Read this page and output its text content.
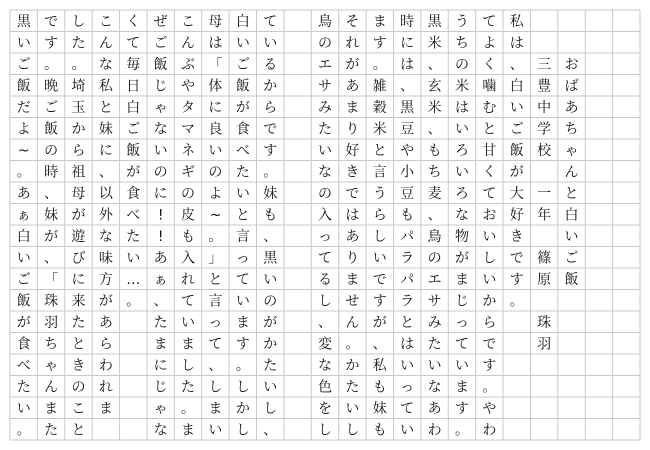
黒
い
ご
飯
だ
よ
~
。
あ
ぁ
白
い
ご
飯
が
食
べ
た
い
。
で
す
。
晩
ご
飯
の
時
、
妹
が
、
「
珠
羽
ち
ゃ
ん
ま
た
し
た
。
埼
玉
か
ら
祖
母
が
遊
び
に
来
た
と
き
の
こ
と
こ
ん
な
私
と
妹
に
、
以
外
な
味
方
が
あ
ら
わ
れ
ま
く
て
毎
日
白
ご
飯
が
食
べ
た
い
…
。
ぜ
ご
飯
じ
ゃ
な
い
の
に
!
!
あ
ぁ
、
た
ま
に
じ
ゃ
な
こ
ん
ぶ
や
タ
マ
ネ
ギ
の
皮
も
入
れ
て
い
ま
し
た
。
ま
母
は
「
体
に
良
い
の
よ
~
。
」
と
言
っ
て
、
し
ま
い
白
い
ご
飯
が
食
べ
た
い
と
言
っ
て
い
ま
す
。
し
か
し
て
い
る
か
ら
で
す
。
妹
も
、
黒
い
の
が
か
た
い
し
、
鳥
の
エ
サ
み
た
い
な
の
入
っ
て
る
し
、
変
な
色
を
し
そ
れ
が
あ
ま
り
好
き
で
は
あ
り
ま
せ
ん
。
か
た
い
し
ま
す
。
雑
穀
米
と
言
う
ら
し
い
で
す
が
、
私
も
妹
も
時
に
は
、
黒
豆
や
小
豆
も
パ
ラ
パ
ラ
と
は
い
っ
て
い
黒
米
、
玄
米
、
も
ち
麦
、
鳥
の
エ
サ
み
た
い
な
あ
わ
う
ち
の
米
は
い
ろ
い
ろ
な
物
が
ま
じ
っ
て
い
ま
す
。
て
よ
く
噛
む
と
甘
く
て
お
い
し
い
か
ら
で
す
。
や
わ
私
は
、
白
い
ご
飯
が
大
好
き
で
す
。
三
豊
中
学
校
一
年
篠
原
珠
羽
お
ば
あ
ち
ゃ
ん
と
白
い
ご
飯
